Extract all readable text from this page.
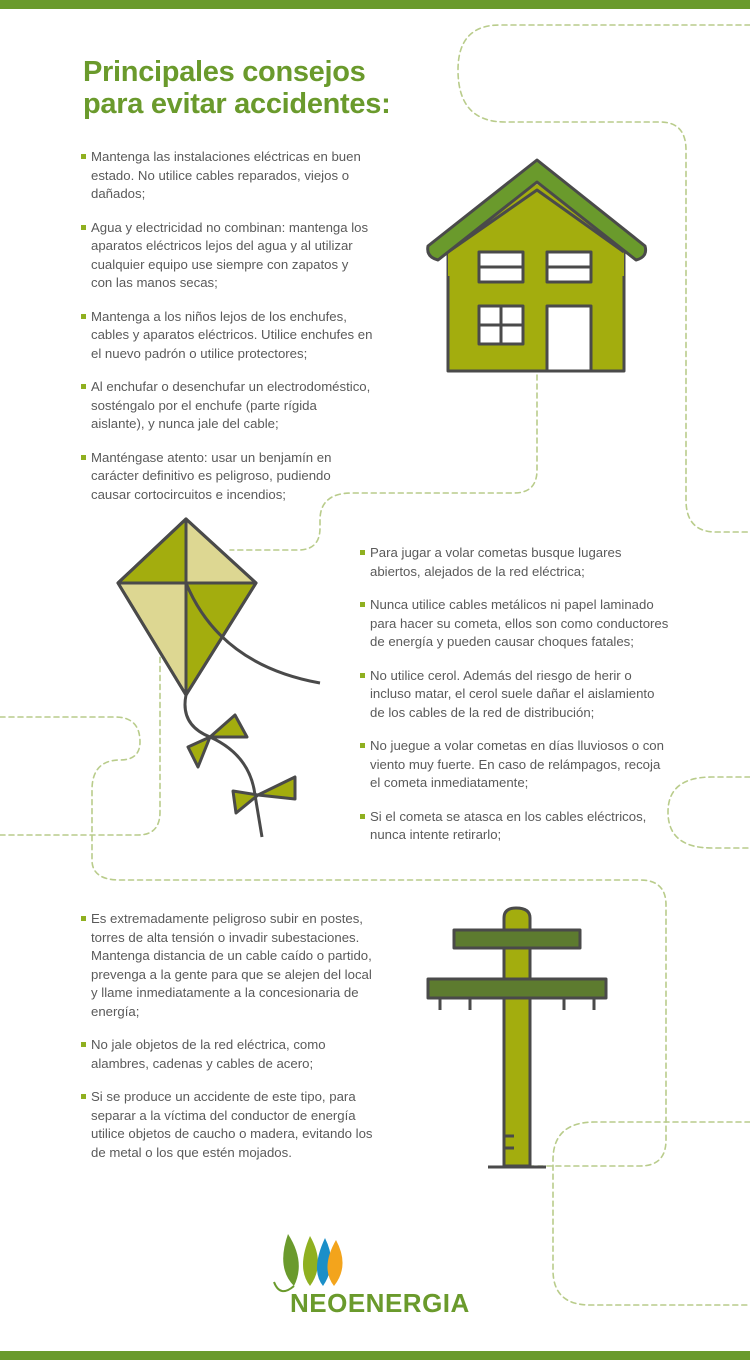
Principales consejos
para evitar accidentes:
Mantenga las instalaciones eléctricas en buen estado. No utilice cables reparados, viejos o dañados;
Agua y electricidad no combinan: mantenga los aparatos eléctricos lejos del agua y al utilizar cualquier equipo use siempre con zapatos y con las manos secas;
Mantenga a los niños lejos de los enchufes, cables y aparatos eléctricos. Utilice enchufes en el nuevo padrón o utilice protectores;
Al enchufar o desenchufar un electrodoméstico, sosténgalo por el enchufe (parte rígida aislante), y nunca jale del cable;
Manténgase atento: usar un benjamín en carácter definitivo es peligroso, pudiendo causar cortocircuitos e incendios;
Para jugar a volar cometas busque lugares abiertos, alejados de la red eléctrica;
Nunca utilice cables metálicos ni papel laminado para hacer su cometa, ellos son como conductores de energía y pueden causar choques fatales;
No utilice cerol. Además del riesgo de herir o incluso matar, el cerol suele dañar el aislamiento de los cables de la red de distribución;
No juegue a volar cometas en días lluviosos o con viento muy fuerte. En caso de relámpagos, recoja el cometa inmediatamente;
Si el cometa se atasca en los cables eléctricos, nunca intente retirarlo;
Es extremadamente peligroso subir en postes, torres de alta tensión o invadir subestaciones. Mantenga distancia de un cable caído o partido, prevenga a la gente para que se alejen del local y llame inmediatamente a la concesionaria de energía;
No jale objetos de la red eléctrica, como alambres, cadenas y cables de acero;
Si se produce un accidente de este tipo, para separar a la víctima del conductor de energía utilice objetos de caucho o madera, evitando los de metal o los que estén mojados.
NEOENERGIA
